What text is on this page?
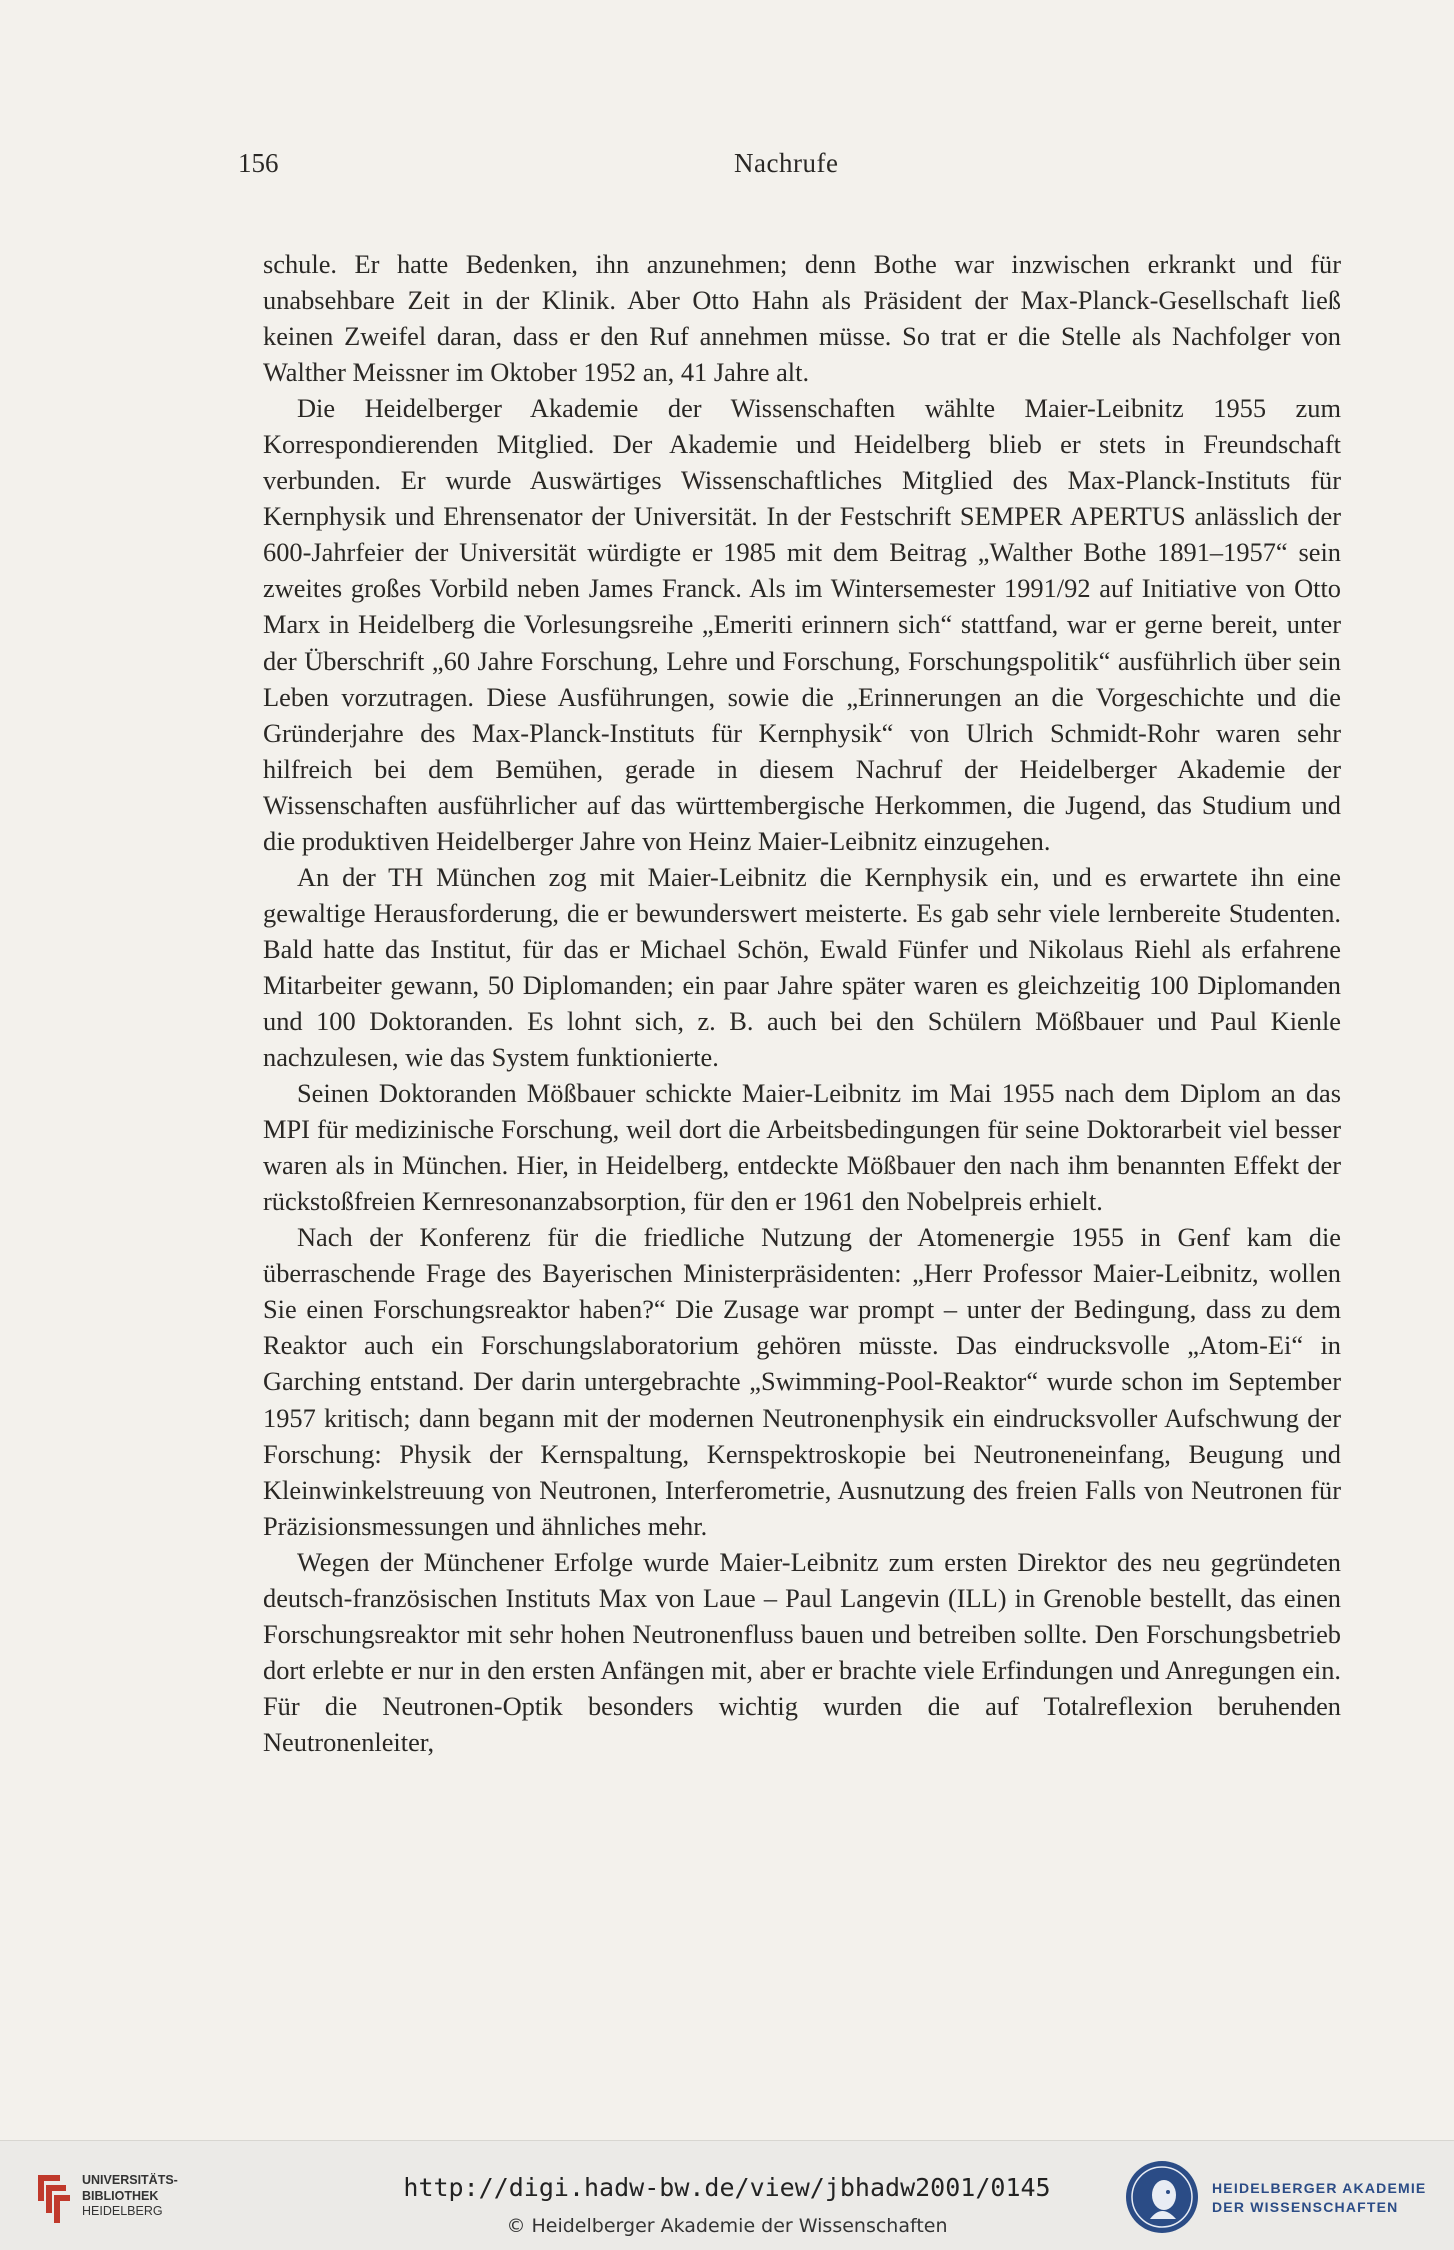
156	Nachrufe

schule. Er hatte Bedenken, ihn anzunehmen; denn Bothe war inzwischen erkrankt und für unabsehbare Zeit in der Klinik. Aber Otto Hahn als Präsident der Max-Planck-Gesellschaft ließ keinen Zweifel daran, dass er den Ruf annehmen müsse. So trat er die Stelle als Nachfolger von Walther Meissner im Oktober 1952 an, 41 Jahre alt.

Die Heidelberger Akademie der Wissenschaften wählte Maier-Leibnitz 1955 zum Korrespondierenden Mitglied. Der Akademie und Heidelberg blieb er stets in Freundschaft verbunden. Er wurde Auswärtiges Wissenschaftliches Mitglied des Max-Planck-Instituts für Kernphysik und Ehrensenator der Universität. In der Festschrift SEMPER APERTUS anlässlich der 600-Jahrfeier der Universität würdigte er 1985 mit dem Beitrag „Walther Bothe 1891–1957“ sein zweites großes Vorbild neben James Franck. Als im Wintersemester 1991/92 auf Initiative von Otto Marx in Heidelberg die Vorlesungsreihe „Emeriti erinnern sich“ stattfand, war er gerne bereit, unter der Überschrift „60 Jahre Forschung, Lehre und Forschung, Forschungspolitik“ ausführlich über sein Leben vorzutragen. Diese Ausführungen, sowie die „Erinnerungen an die Vorgeschichte und die Gründerjahre des Max-Planck-Instituts für Kernphysik“ von Ulrich Schmidt-Rohr waren sehr hilfreich bei dem Bemühen, gerade in diesem Nachruf der Heidelberger Akademie der Wissenschaften ausführlicher auf das württembergische Herkommen, die Jugend, das Studium und die produktiven Heidelberger Jahre von Heinz Maier-Leibnitz einzugehen.

An der TH München zog mit Maier-Leibnitz die Kernphysik ein, und es erwartete ihn eine gewaltige Herausforderung, die er bewunderswert meisterte. Es gab sehr viele lernbereite Studenten. Bald hatte das Institut, für das er Michael Schön, Ewald Fünfer und Nikolaus Riehl als erfahrene Mitarbeiter gewann, 50 Diplomanden; ein paar Jahre später waren es gleichzeitig 100 Diplomanden und 100 Doktoranden. Es lohnt sich, z. B. auch bei den Schülern Mößbauer und Paul Kienle nachzulesen, wie das System funktionierte.

Seinen Doktoranden Mößbauer schickte Maier-Leibnitz im Mai 1955 nach dem Diplom an das MPI für medizinische Forschung, weil dort die Arbeitsbedingungen für seine Doktorarbeit viel besser waren als in München. Hier, in Heidelberg, entdeckte Mößbauer den nach ihm benannten Effekt der rückstoßfreien Kernresonanzabsorption, für den er 1961 den Nobelpreis erhielt.

Nach der Konferenz für die friedliche Nutzung der Atomenergie 1955 in Genf kam die überraschende Frage des Bayerischen Ministerpräsidenten: „Herr Professor Maier-Leibnitz, wollen Sie einen Forschungsreaktor haben?“ Die Zusage war prompt – unter der Bedingung, dass zu dem Reaktor auch ein Forschungslaboratorium gehören müsste. Das eindrucksvolle „Atom-Ei“ in Garching entstand. Der darin untergebrachte „Swimming-Pool-Reaktor“ wurde schon im September 1957 kritisch; dann begann mit der modernen Neutronenphysik ein eindrucksvoller Aufschwung der Forschung: Physik der Kernspaltung, Kernspektroskopie bei Neutroneneinfang, Beugung und Kleinwinkelstreuung von Neutronen, Interferometrie, Ausnutzung des freien Falls von Neutronen für Präzisionsmessungen und ähnliches mehr.

Wegen der Münchener Erfolge wurde Maier-Leibnitz zum ersten Direktor des neu gegründeten deutsch-französischen Instituts Max von Laue – Paul Langevin (ILL) in Grenoble bestellt, das einen Forschungsreaktor mit sehr hohen Neutronenfluss bauen und betreiben sollte. Den Forschungsbetrieb dort erlebte er nur in den ersten Anfängen mit, aber er brachte viele Erfindungen und Anregungen ein. Für die Neutronen-Optik besonders wichtig wurden die auf Totalreflexion beruhenden Neutronenleiter,

UNIVERSITÄTS-
BIBLIOTHEK
HEIDELBERG
http://digi.hadw-bw.de/view/jbhadw2001/0145
© Heidelberger Akademie der Wissenschaften
HEIDELBERGER AKADEMIE
DER WISSENSCHAFTEN
